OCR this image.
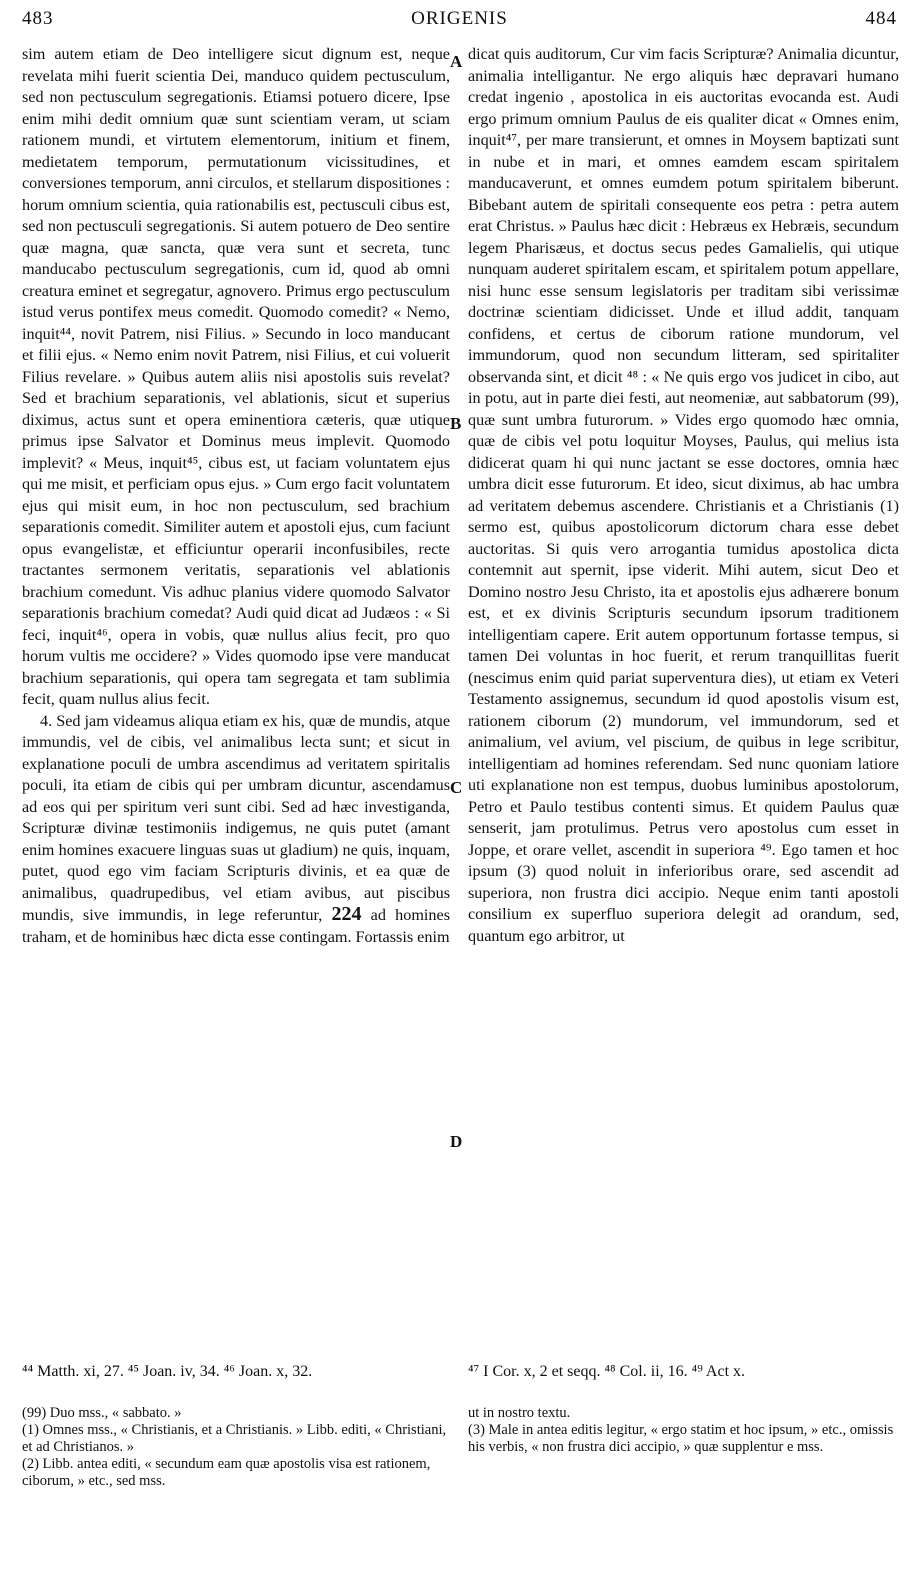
483	ORIGENIS	484

sim autem etiam de Deo intelligere sicut dignum est, neque revelata mihi fuerit scientia Dei, manduco quidem pectusculum, sed non pectusculum segregationis. Etiamsi potuero dicere, Ipse enim mihi dedit omnium quæ sunt scientiam veram, ut sciam rationem mundi, et virtutem elementorum, initium et finem, medietatem temporum, permutationum vicissitudines, et conversiones temporum, anni circulos, et stellarum dispositiones : horum omnium scientia, quia rationabilis est, pectusculi cibus est, sed non pectusculi segregationis. Si autem potuero de Deo sentire quæ magna, quæ sancta, quæ vera sunt et secreta, tunc manducabo pectusculum segregationis, cum id, quod ab omni creatura eminet et segregatur, agnovero. Primus ergo pectusculum istud verus pontifex meus comedit. Quomodo comedit? « Nemo, inquit⁴⁴, novit Patrem, nisi Filius. » Secundo in loco manducant et filii ejus. « Nemo enim novit Patrem, nisi Filius, et cui voluerit Filius revelare. » Quibus autem aliis nisi apostolis suis revelat? Sed et brachium separationis, vel ablationis, sicut et superius diximus, actus sunt et opera eminentiora cæteris, quæ utique primus ipse Salvator et Dominus meus implevit. Quomodo implevit? « Meus, inquit⁴⁵, cibus est, ut faciam voluntatem ejus qui me misit, et perficiam opus ejus. » Cum ergo facit voluntatem ejus qui misit eum, in hoc non pectusculum, sed brachium separationis comedit. Similiter autem et apostoli ejus, cum faciunt opus evangelistæ, et efficiuntur operarii inconfusibiles, recte tractantes sermonem veritatis, separationis vel ablationis brachium comedunt. Vis adhuc planius videre quomodo Salvator separationis brachium comedat? Audi quid dicat ad Judæos : « Si feci, inquit⁴⁶, opera in vobis, quæ nullus alius fecit, pro quo horum vultis me occidere? » Vides quomodo ipse vere manducat brachium separationis, qui opera tam segregata et tam sublimia fecit, quam nullus alius fecit.

4. Sed jam videamus aliqua etiam ex his, quæ de mundis, atque immundis, vel de cibis, vel animalibus lecta sunt; et sicut in explanatione poculi de umbra ascendimus ad veritatem spiritalis poculi, ita etiam de cibis qui per umbram dicuntur, ascendamus ad eos qui per spiritum veri sunt cibi. Sed ad hæc investiganda, Scripturæ divinæ testimoniis indigemus, ne quis putet (amant enim homines exacuere linguas suas ut gladium) ne quis, inquam, putet, quod ego vim faciam Scripturis divinis, et ea quæ de animalibus, quadrupedibus, vel etiam avibus, aut piscibus mundis, sive immundis, in lege referuntur, 224 ad homines traham, et de hominibus hæc dicta esse contingam. Fortassis enim

dicat quis auditorum, Cur vim facis Scripturæ? Animalia dicuntur, animalia intelligantur. Ne ergo aliquis hæc depravari humano credat ingenio , apostolica in eis auctoritas evocanda est. Audi ergo primum omnium Paulus de eis qualiter dicat « Omnes enim, inquit⁴⁷, per mare transierunt, et omnes in Moysem baptizati sunt in nube et in mari, et omnes eamdem escam spiritalem manducaverunt, et omnes eumdem potum spiritalem biberunt. Bibebant autem de spiritali consequente eos petra : petra autem erat Christus. » Paulus hæc dicit : Hebræus ex Hebræis, secundum legem Pharisæus, et doctus secus pedes Gamalielis, qui utique nunquam auderet spiritalem escam, et spiritalem potum appellare, nisi hunc esse sensum legislatoris per traditam sibi verissimæ doctrinæ scientiam didicisset. Unde et illud addit, tanquam confidens, et certus de ciborum ratione mundorum, vel immundorum, quod non secundum litteram, sed spiritaliter observanda sint, et dicit ⁴⁸ : « Ne quis ergo vos judicet in cibo, aut in potu, aut in parte diei festi, aut neomeniæ, aut sabbatorum (99), quæ sunt umbra futurorum. » Vides ergo quomodo hæc omnia, quæ de cibis vel potu loquitur Moyses, Paulus, qui melius ista didicerat quam hi qui nunc jactant se esse doctores, omnia hæc umbra dicit esse futurorum. Et ideo, sicut diximus, ab hac umbra ad veritatem debemus ascendere. Christianis et a Christianis (1) sermo est, quibus apostolicorum dictorum chara esse debet auctoritas. Si quis vero arrogantia tumidus apostolica dicta contemnit aut spernit, ipse viderit. Mihi autem, sicut Deo et Domino nostro Jesu Christo, ita et apostolis ejus adhærere bonum est, et ex divinis Scripturis secundum ipsorum traditionem intelligentiam capere. Erit autem opportunum fortasse tempus, si tamen Dei voluntas in hoc fuerit, et rerum tranquillitas fuerit (nescimus enim quid pariat superventura dies), ut etiam ex Veteri Testamento assignemus, secundum id quod apostolis visum est, rationem ciborum (2) mundorum, vel immundorum, sed et animalium, vel avium, vel piscium, de quibus in lege scribitur, intelligentiam ad homines referendam. Sed nunc quoniam latiore uti explanatione non est tempus, duobus luminibus apostolorum, Petro et Paulo testibus contenti simus. Et quidem Paulus quæ senserit, jam protulimus. Petrus vero apostolus cum esset in Joppe, et orare vellet, ascendit in superiora ⁴⁹. Ego tamen et hoc ipsum (3) quod noluit in inferioribus orare, sed ascendit ad superiora, non frustra dici accipio. Neque enim tanti apostoli consilium ex superfluo superiora delegit ad orandum, sed, quantum ego arbitror, ut

A
B
C
D
⁴⁴ Matth. xi, 27. ⁴⁵ Joan. iv, 34. ⁴⁶ Joan. x, 32.	⁴⁷ I Cor. x, 2 et seqq. ⁴⁸ Col. ii, 16. ⁴⁹ Act x.
(99) Duo mss., « sabbato. »
(1) Omnes mss., « Christianis, et a Christianis. » Libb. editi, « Christiani, et ad Christianos. »
(2) Libb. antea editi, « secundum eam quæ apostolis visa est rationem, ciborum, » etc., sed mss.
ut in nostro textu.
(3) Male in antea editis legitur, « ergo statim et hoc ipsum, » etc., omissis his verbis, « non frustra dici accipio, » quæ supplentur e mss.
